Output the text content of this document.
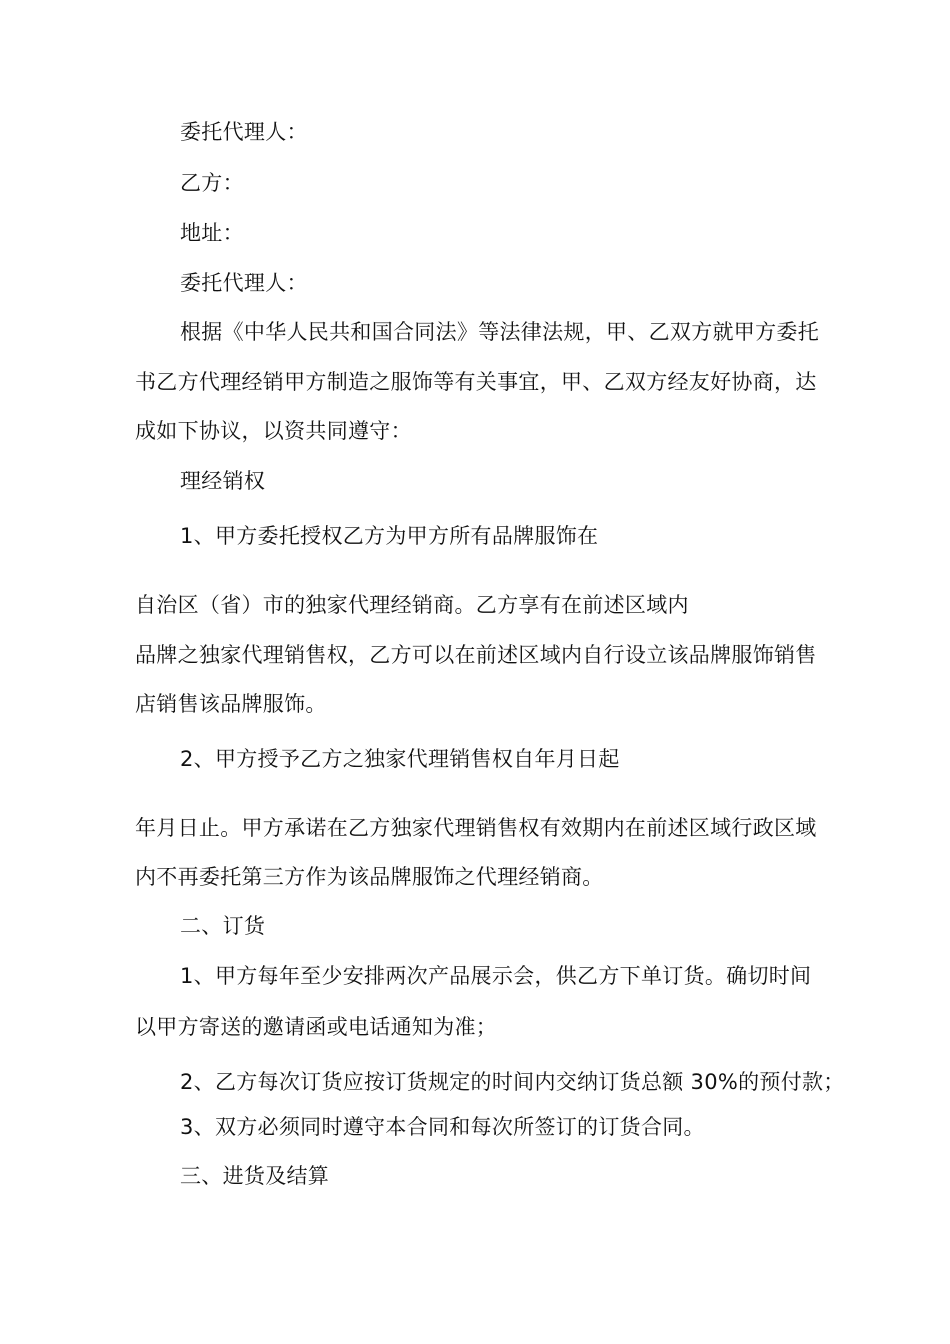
委托代理人：
乙方：
地址：
委托代理人：
根据《中华人民共和国合同法》等法律法规，甲、乙双方就甲方委托
书乙方代理经销甲方制造之服饰等有关事宜，甲、乙双方经友好协商，达
成如下协议，以资共同遵守：
理经销权
1、甲方委托授权乙方为甲方所有品牌服饰在
自治区（省）市的独家代理经销商。乙方享有在前述区域内
品牌之独家代理销售权，乙方可以在前述区域内自行设立该品牌服饰销售
店销售该品牌服饰。
2、甲方授予乙方之独家代理销售权自年月日起
年月日止。甲方承诺在乙方独家代理销售权有效期内在前述区域行政区域
内不再委托第三方作为该品牌服饰之代理经销商。
二、订货
1、甲方每年至少安排两次产品展示会，供乙方下单订货。确切时间
以甲方寄送的邀请函或电话通知为准；
2、乙方每次订货应按订货规定的时间内交纳订货总额 30%的预付款；
3、双方必须同时遵守本合同和每次所签订的订货合同。
三、进货及结算
